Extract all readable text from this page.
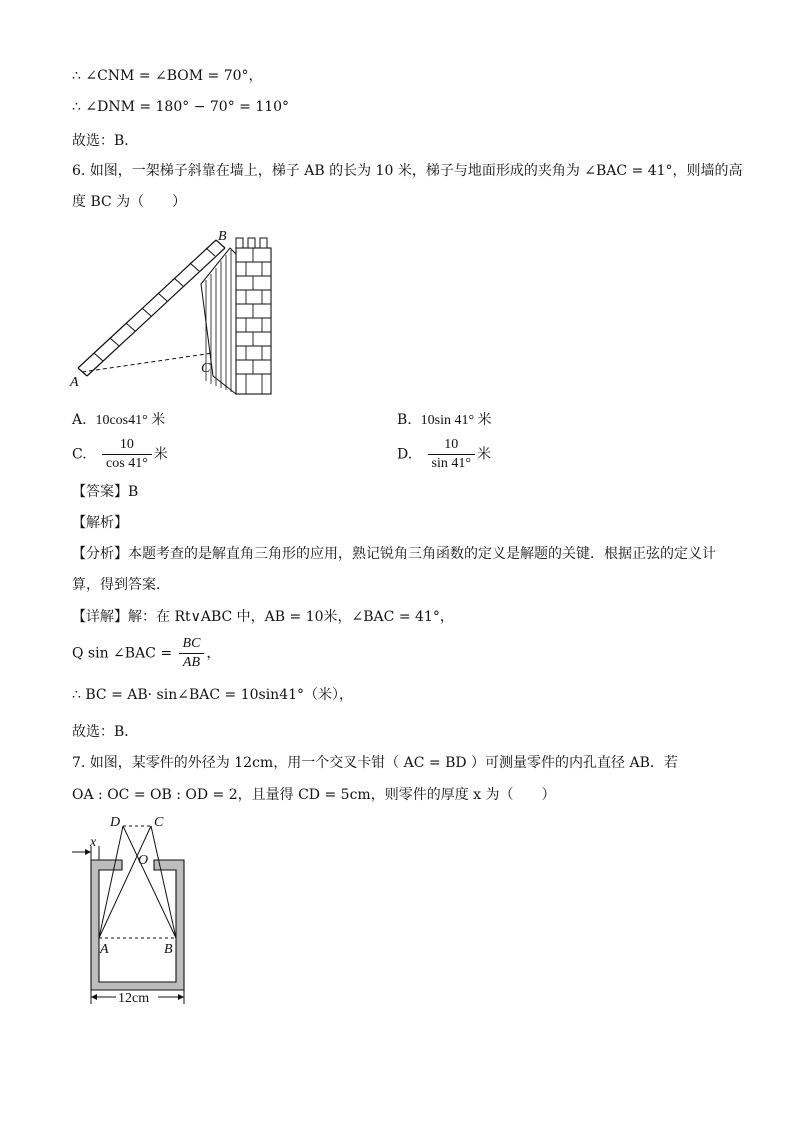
∴ ∠CNM = ∠BOM = 70°，
∴ ∠DNM = 180° − 70° = 110°
故选：B．
6. 如图，一架梯子斜靠在墙上，梯子 AB 的长为 10 米，梯子与地面形成的夹角为 ∠BAC = 41°，则墙的高
度 BC 为（　　）
A
B
C
A. 10cos41° 米	B. 10sin 41° 米
C. $\frac{10}{\cos 41^\circ}$ 米	D. $\frac{10}{\sin 41^\circ}$ 米
【答案】B
【解析】
【分析】本题考查的是解直角三角形的应用，熟记锐角三角函数的定义是解题的关键．根据正弦的定义计
算，得到答案．
【详解】解：在 Rt∨ABC 中，AB = 10米，∠BAC = 41°，
Q sin ∠BAC = $\frac{BC}{AB}$ ，
∴ BC = AB· sin∠BAC = 10sin41°（米），
故选：B．
7. 如图，某零件的外径为 12cm，用一个交叉卡钳（ AC = BD ）可测量零件的内孔直径 AB．若
OA : OC = OB : OD = 2，且量得 CD = 5cm，则零件的厚度 x 为（　　）
D C
x
O
A	B
12cm
